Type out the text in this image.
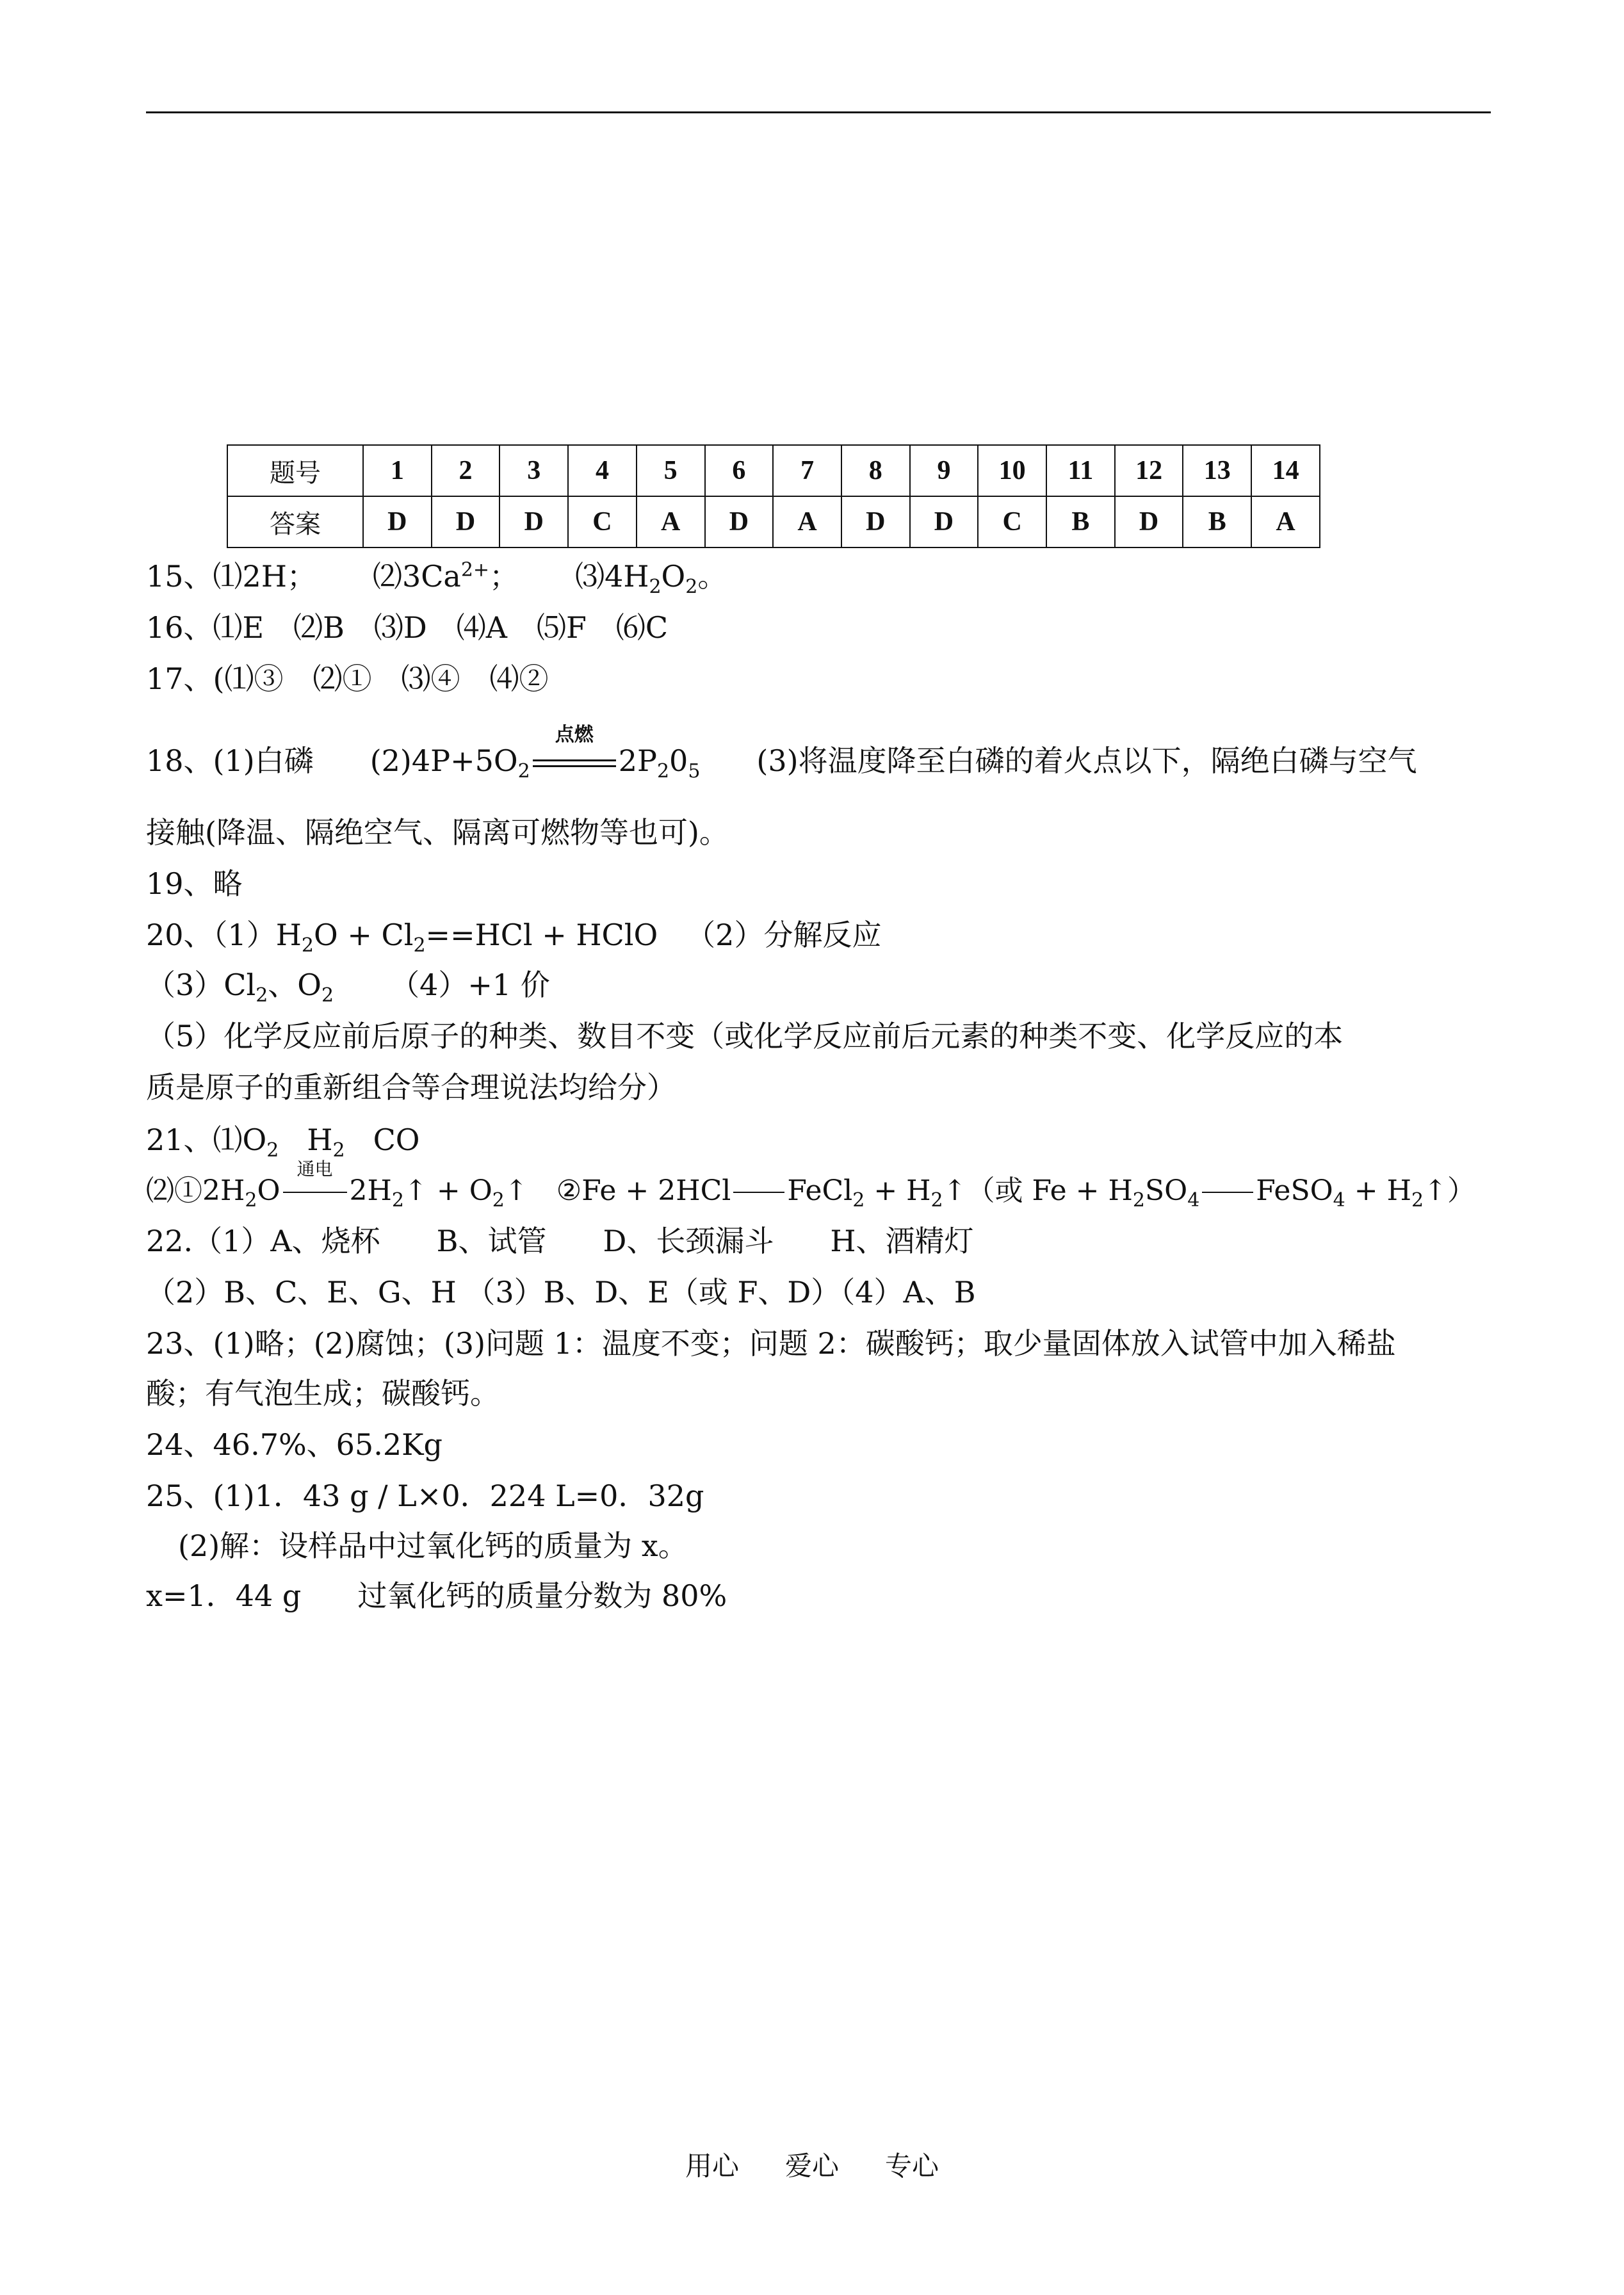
题号	1	2	3	4	5	6	7	8	9	10	11	12	13	14
答案	D	D	D	C	A	D	A	D	D	C	B	D	B	A
15、⑴2H； $⑵3Ca^{2+}$； $⑶4H_2O_2$。
16、⑴E　⑵B　⑶D　⑷A　⑸F　⑹C
17、(⑴③　⑵①　⑶④　⑷②
18、(1)白磷 $(2)4P+5O_2$
点燃
$2P_20_5$ (3)将温度降至白磷的着火点以下，隔绝白磷与空气
接触(降温、隔绝空气、隔离可燃物等也可)。
19、略
20、$(1)H_2O + Cl_2==HCl$ + HClO （2）分解反应
$(3)Cl_2$、$O_2$ （4）+1 价
（5）化学反应前后原子的种类、数目不变（或化学反应前后元素的种类不变、化学反应的本
质是原子的重新组合等合理说法均给分）
21、$⑴O_2$ $H_2$ CO
$⑵①2H_2O$
通电
$2H_2↑$ + $O_2↑$ ②Fe + 2HCl FeCl$_2$ + $H_2↑$（或 $Fe + H_2SO_4$ FeSO$_4$ + $H_2↑$）
22.（1）A、烧杯 B、试管 D、长颈漏斗 H、酒精灯
（2）B、C、E、G、H （3）B、D、E（或 F、D）（4）A、B
23、(1)略；(2)腐蚀；(3)问题 1：温度不变；问题 2：碳酸钙；取少量固体放入试管中加入稀盐
酸；有气泡生成；碳酸钙。
24、46.7%、65.2Kg
25、(1)1．43 g / L×0．224 L=0．32g
(2)解：设样品中过氧化钙的质量为 x。
x=1．44 g 过氧化钙的质量分数为 80%
用心 爱心 专心
